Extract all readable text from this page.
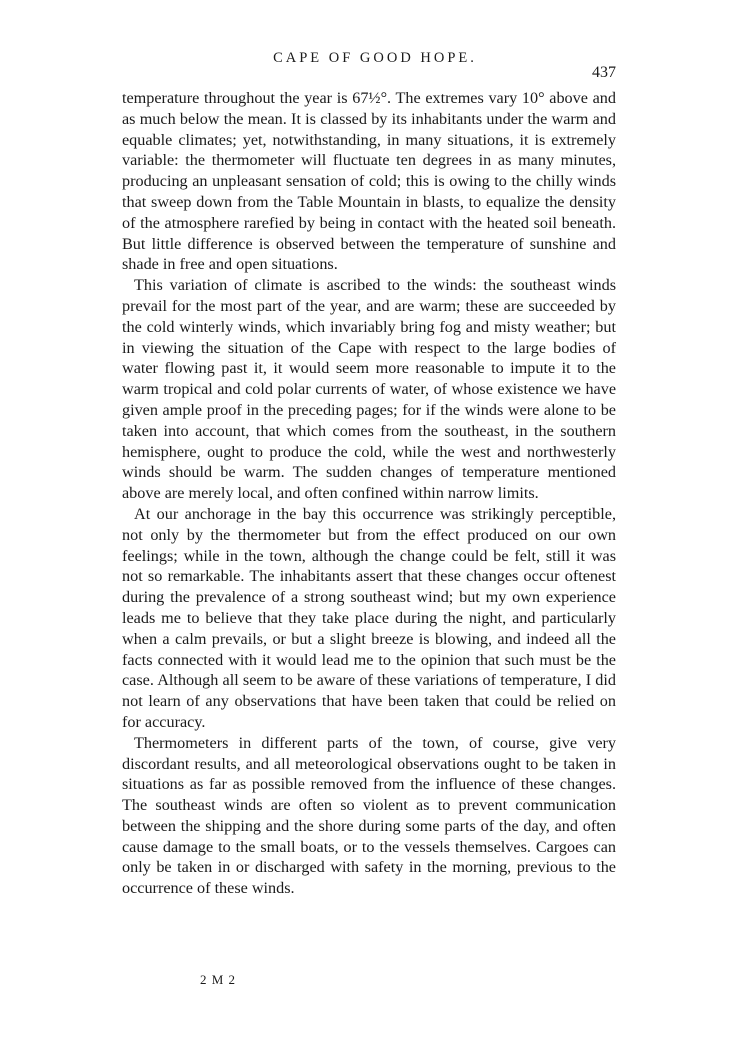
CAPE OF GOOD HOPE.
437

temperature throughout the year is 67½°. The extremes vary 10° above and as much below the mean. It is classed by its inhabitants under the warm and equable climates; yet, notwithstanding, in many situations, it is extremely variable: the thermometer will fluctuate ten degrees in as many minutes, producing an unpleasant sensation of cold; this is owing to the chilly winds that sweep down from the Table Mountain in blasts, to equalize the density of the atmosphere rarefied by being in contact with the heated soil beneath. But little difference is observed between the temperature of sunshine and shade in free and open situations.

This variation of climate is ascribed to the winds: the southeast winds prevail for the most part of the year, and are warm; these are succeeded by the cold winterly winds, which invariably bring fog and misty weather; but in viewing the situation of the Cape with respect to the large bodies of water flowing past it, it would seem more reasonable to impute it to the warm tropical and cold polar currents of water, of whose existence we have given ample proof in the preceding pages; for if the winds were alone to be taken into account, that which comes from the southeast, in the southern hemisphere, ought to produce the cold, while the west and northwesterly winds should be warm. The sudden changes of temperature mentioned above are merely local, and often confined within narrow limits.

At our anchorage in the bay this occurrence was strikingly perceptible, not only by the thermometer but from the effect produced on our own feelings; while in the town, although the change could be felt, still it was not so remarkable. The inhabitants assert that these changes occur oftenest during the prevalence of a strong southeast wind; but my own experience leads me to believe that they take place during the night, and particularly when a calm prevails, or but a slight breeze is blowing, and indeed all the facts connected with it would lead me to the opinion that such must be the case. Although all seem to be aware of these variations of temperature, I did not learn of any observations that have been taken that could be relied on for accuracy.

Thermometers in different parts of the town, of course, give very discordant results, and all meteorological observations ought to be taken in situations as far as possible removed from the influence of these changes. The southeast winds are often so violent as to prevent communication between the shipping and the shore during some parts of the day, and often cause damage to the small boats, or to the vessels themselves. Cargoes can only be taken in or discharged with safety in the morning, previous to the occurrence of these winds.

2 M 2
